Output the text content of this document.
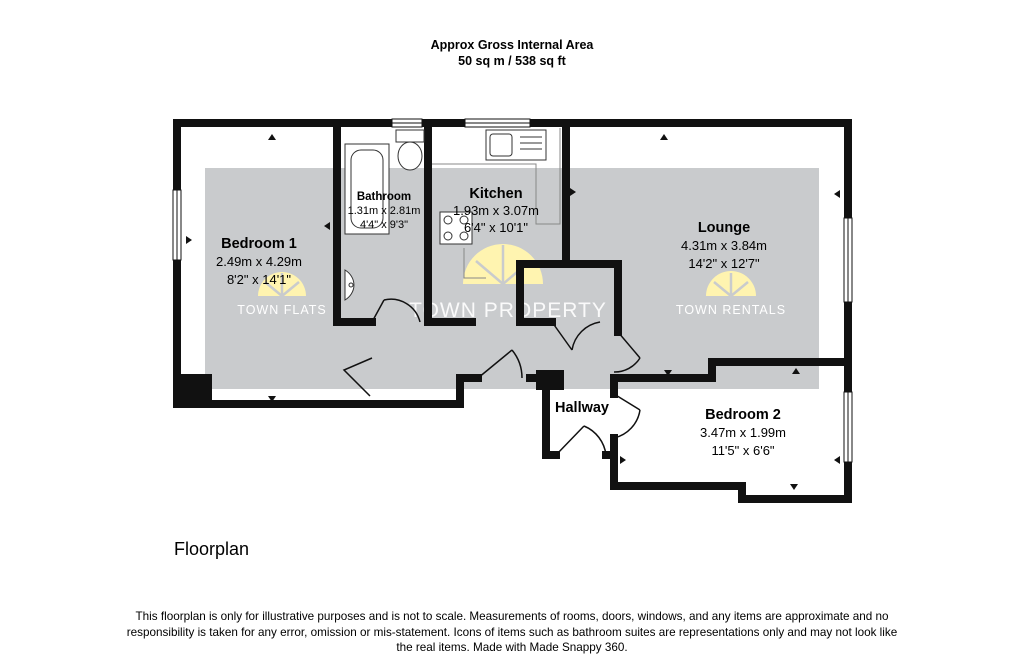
Approx Gross Internal Area
50 sq m / 538 sq ft
TOWN FLATS	TOWN PROPERTY	TOWN RENTALS
Bedroom 1
2.49m x 4.29m
8'2" x 14'1"
Bathroom
1.31m x 2.81m
4'4" x 9'3"
Kitchen
1.93m x 3.07m
6'4" x 10'1"	Lounge
4.31m x 3.84m
14'2" x 12'7"
Hallway	Bedroom 2
3.47m x 1.99m
11'5" x 6'6"
Floorplan
This floorplan is only for illustrative purposes and is not to scale. Measurements of rooms, doors, windows, and any items are approximate and no responsibility is taken for any error, omission or mis-statement. Icons of items such as bathroom suites are representations only and may not look like the real items. Made with Made Snappy 360.
